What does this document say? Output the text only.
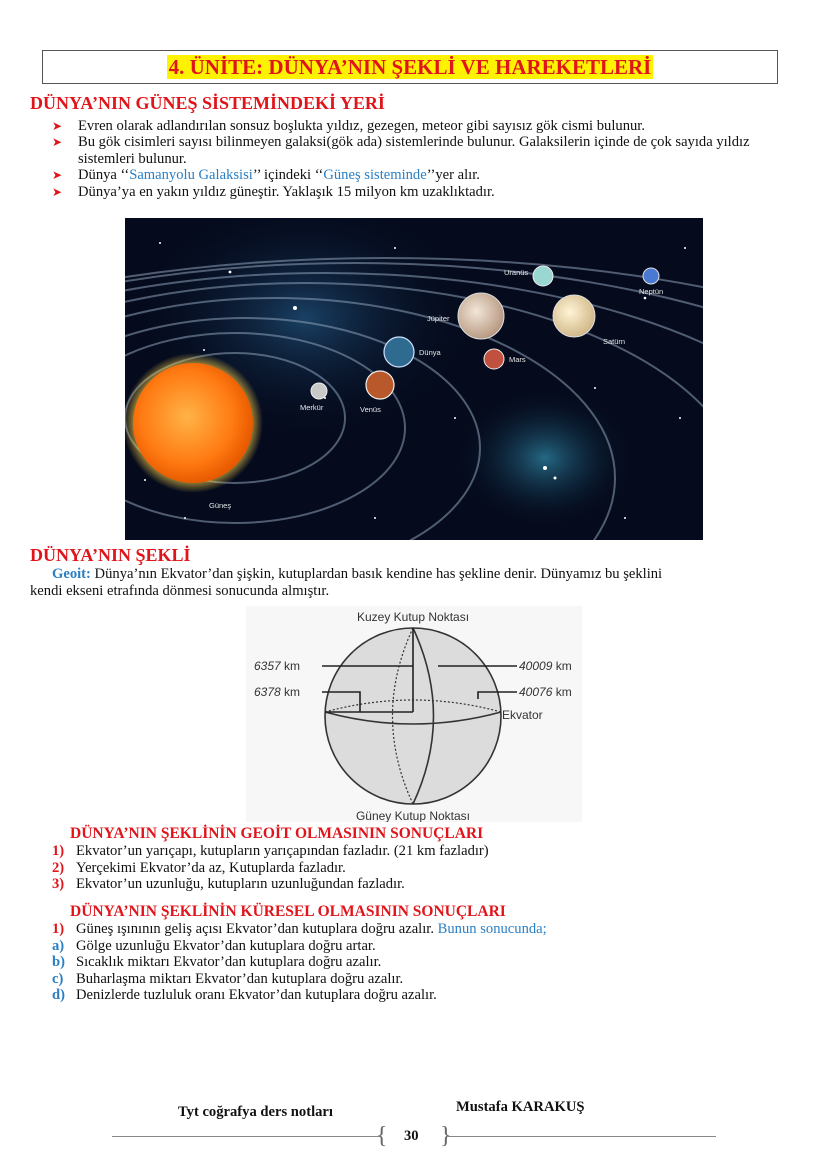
4. ÜNİTE: DÜNYA’NIN ŞEKLİ VE HAREKETLERİ
DÜNYA’NIN GÜNEŞ SİSTEMİNDEKİ YERİ
➤ Evren olarak adlandırılan sonsuz boşlukta yıldız, gezegen, meteor gibi sayısız gök cismi bulunur.
➤ Bu gök cisimleri sayısı bilinmeyen galaksi(gök ada) sistemlerinde bulunur. Galaksilerin içinde de çok sayıda yıldız sistemleri bulunur.
➤ Dünya ‘‘Samanyolu Galaksisi’’ içindeki ‘‘Güneş sisteminde’’yer alır.
➤ Dünya’ya en yakın yıldız güneştir. Yaklaşık 15 milyon km uzaklıktadır.
Güneş
Merkür	Venüs
Dünya
Mars
Jüpiter
Satürn
Uranüs
Neptün
DÜNYA’NIN ŞEKLİ
Geoit: Dünya’nın Ekvator’dan şişkin, kutuplardan basık kendine has şekline denir. Dünyamız bu şeklini
kendi ekseni etrafında dönmesi sonucunda almıştır.
Kuzey Kutup Noktası
Güney Kutup Noktası
6357 km
6378 km
40009 km
40076 km
Ekvator
DÜNYA’NIN ŞEKLİNİN GEOİT OLMASININ SONUÇLARI
1) Ekvator’un yarıçapı, kutupların yarıçapından fazladır. (21 km fazladır)
2) Yerçekimi Ekvator’da az, Kutuplarda fazladır.
3) Ekvator’un uzunluğu, kutupların uzunluğundan fazladır.
DÜNYA’NIN ŞEKLİNİN KÜRESEL OLMASININ SONUÇLARI
1) Güneş ışınının geliş açısı Ekvator’dan kutuplara doğru azalır. Bunun sonucunda;
a) Gölge uzunluğu Ekvator’dan kutuplara doğru artar.
b) Sıcaklık miktarı Ekvator’dan kutuplara doğru azalır.
c) Buharlaşma miktarı Ekvator’dan kutuplara doğru azalır.
d) Denizlerde tuzluluk oranı Ekvator’dan kutuplara doğru azalır.
Tyt coğrafya ders notları	Mustafa KARAKUŞ
{ }
30
